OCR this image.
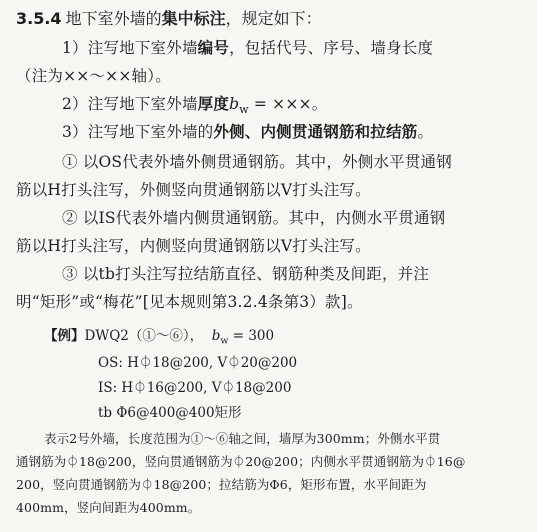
3.5.4 地下室外墙的集中标注，规定如下：
1）注写地下室外墙编号，包括代号、序号、墙身长度
（注为××～××轴）。
2）注写地下室外墙厚度$b_w$ = ×××。
3）注写地下室外墙的外侧、内侧贯通钢筋和拉结筋。
① 以OS代表外墙外侧贯通钢筋。其中，外侧水平贯通钢
筋以H打头注写，外侧竖向贯通钢筋以V打头注写。
② 以IS代表外墙内侧贯通钢筋。其中，内侧水平贯通钢
筋以H打头注写，内侧竖向贯通钢筋以V打头注写。
③ 以tb打头注写拉结筋直径、钢筋种类及间距，并注
明“矩形”或“梅花”[见本规则第3.2.4条第3）款]。
【例】DWQ2（①～⑥）， $b_w = 300$
OS: H⏀18@200, V⏀20@200
IS: H⏀16@200, V⏀18@200
tb Φ6@400@400矩形
表示2号外墙，长度范围为①～⑥轴之间，墙厚为300mm；外侧水平贯
通钢筋为⏀18@200，竖向贯通钢筋为⏀20@200；内侧水平贯通钢筋为⏀16@
200，竖向贯通钢筋为⏀18@200；拉结筋为Φ6，矩形布置，水平间距为
400mm，竖向间距为400mm。
